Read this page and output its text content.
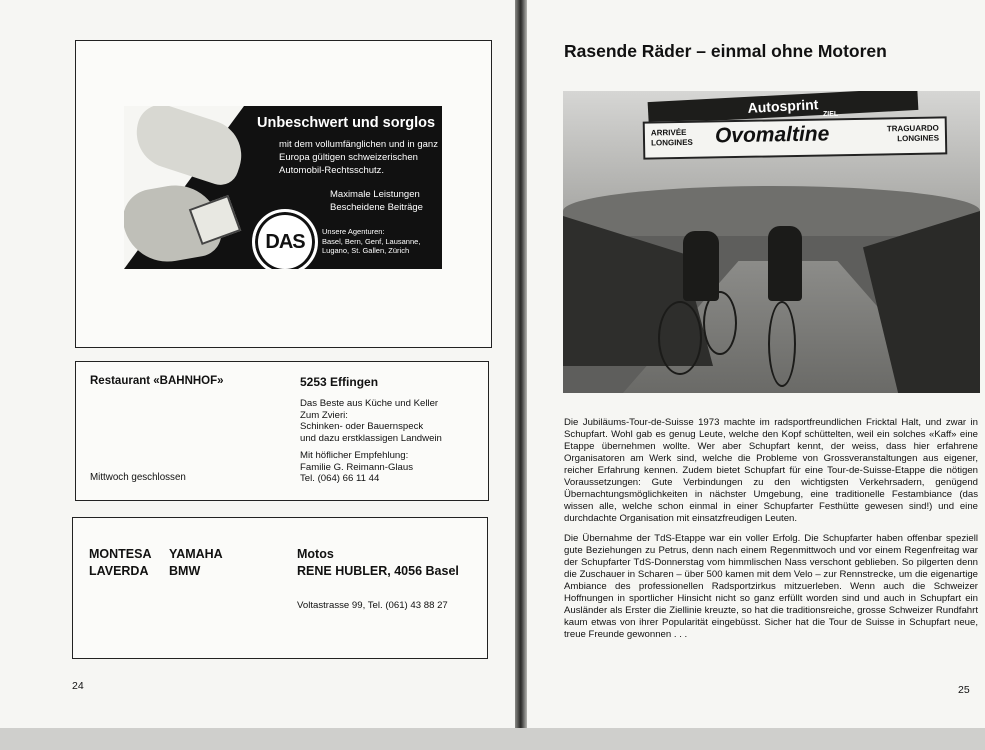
DAS
Unbeschwert und sorglos
mit dem vollumfänglichen und in ganz
Europa gültigen schweizerischen
Automobil-Rechtsschutz.
Maximale Leistungen
Bescheidene Beiträge
Unsere Agenturen:
Basel, Bern, Genf, Lausanne,
Lugano, St. Gallen, Zürich
Restaurant «BAHNHOF»
Mittwoch geschlossen
5253 Effingen
Das Beste aus Küche und Keller
Zum Zvieri:
Schinken- oder Bauernspeck
und dazu erstklassigen Landwein
Mit höflicher Empfehlung:
Familie G. Reimann-Glaus
Tel. (064) 66 11 44
MONTESA YAMAHA
LAVERDA BMW
Motos
RENE HUBLER, 4056 Basel
Voltastrasse 99, Tel. (061) 43 88 27
24	25
Rasende Räder – einmal ohne Motoren
Autosprint
ARRIVÉE
LONGINES Ovomaltine	TRAGUARDO
LONGINES
ZIEL

Die Jubiläums-Tour-de-Suisse 1973 machte im radsportfreundlichen Fricktal Halt, und zwar in Schupfart. Wohl gab es genug Leute, welche den Kopf schüttelten, weil ein solches «Kaff» eine Etappe übernehmen wollte. Wer aber Schupfart kennt, der weiss, dass hier erfahrene Organisatoren am Werk sind, welche die Probleme von Grossveranstaltungen aus eigener, reicher Erfahrung kennen. Zudem bietet Schupfart für eine Tour-de-Suisse-Etappe die nötigen Voraussetzungen: Gute Verbindungen zu den wichtigsten Verkehrsadern, genügend Übernachtungsmöglichkeiten in nächster Umgebung, eine traditionelle Festambiance (das wissen alle, welche schon einmal in einer Schupfarter Festhütte gewesen sind!) und eine durchdachte Organisation mit einsatzfreudigen Leuten.

Die Übernahme der TdS-Etappe war ein voller Erfolg. Die Schupfarter haben offenbar speziell gute Beziehungen zu Petrus, denn nach einem Regenmittwoch und vor einem Regenfreitag war der Schupfarter TdS-Donnerstag vom himmlischen Nass verschont geblieben. So pilgerten denn die Zuschauer in Scharen – über 500 kamen mit dem Velo – zur Rennstrecke, um die eigenartige Ambiance des professionellen Radsportzirkus mitzuerleben. Wenn auch die Schweizer Hoffnungen in sportlicher Hinsicht nicht so ganz erfüllt worden sind und auch in Schupfart ein Ausländer als Erster die Ziellinie kreuzte, so hat die traditionsreiche, grosse Schweizer Rundfahrt kaum etwas von ihrer Popularität eingebüsst. Sicher hat die Tour de Suisse in Schupfart neue, treue Freunde gewonnen . . .
